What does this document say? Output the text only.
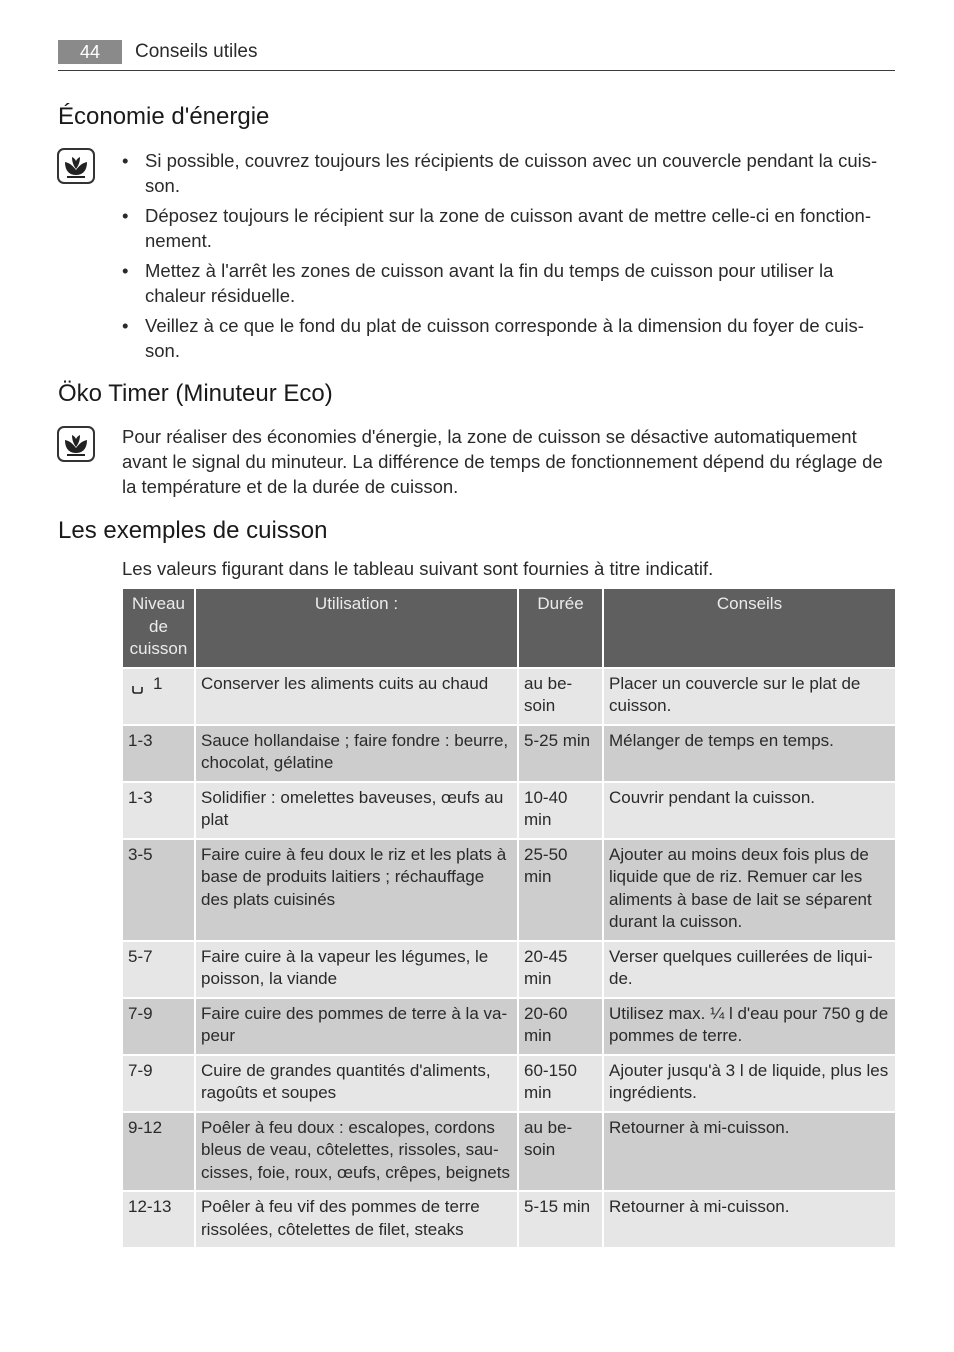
44	Conseils utiles
Économie d'énergie
• Si possible, couvrez toujours les récipients de cuisson avec un couvercle pendant la cuis-son.
• Déposez toujours le récipient sur la zone de cuisson avant de mettre celle-ci en fonction-nement.
• Mettez à l'arrêt les zones de cuisson avant la fin du temps de cuisson pour utiliser la chaleur résiduelle.
• Veillez à ce que le fond du plat de cuisson corresponde à la dimension du foyer de cuis-son.
Öko Timer (Minuteur Eco)
Pour réaliser des économies d'énergie, la zone de cuisson se désactive automatiquement avant le signal du minuteur. La différence de temps de fonctionnement dépend du réglage de la température et de la durée de cuisson.
Les exemples de cuisson
Les valeurs figurant dans le tableau suivant sont fournies à titre indicatif.
Niveau de cuisson	Utilisation :	Durée	Conseils
1	Conserver les aliments cuits au chaud	au be-soin	Placer un couvercle sur le plat de cuisson.
1-3	Sauce hollandaise ; faire fondre : beurre, chocolat, gélatine	5-25 min	Mélanger de temps en temps.
1-3	Solidifier : omelettes baveuses, œufs au plat	10-40 min	Couvrir pendant la cuisson.
3-5	Faire cuire à feu doux le riz et les plats à base de produits laitiers ; réchauffage des plats cuisinés	25-50 min	Ajouter au moins deux fois plus de liquide que de riz. Remuer car les aliments à base de lait se séparent durant la cuisson.
5-7	Faire cuire à la vapeur les légumes, le poisson, la viande	20-45 min	Verser quelques cuillerées de liqui-de.
7-9	Faire cuire des pommes de terre à la va-peur	20-60 min	Utilisez max. ¼ l d'eau pour 750 g de pommes de terre.
7-9	Cuire de grandes quantités d'aliments, ragoûts et soupes	60-150 min	Ajouter jusqu'à 3 l de liquide, plus les ingrédients.
9-12	Poêler à feu doux : escalopes, cordons bleus de veau, côtelettes, rissoles, sau-cisses, foie, roux, œufs, crêpes, beignets	au be-soin	Retourner à mi-cuisson.
12-13	Poêler à feu vif des pommes de terre rissolées, côtelettes de filet, steaks	5-15 min	Retourner à mi-cuisson.
